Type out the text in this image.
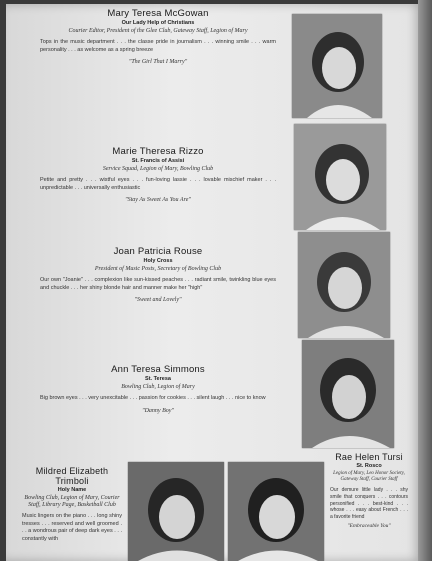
Mary Teresa McGowan
Our Lady Help of Christians
Courier Editor, President of the Glee Club, Gateway Staff, Legion of Mary
Tops in the music department . . . the classe pride in journalism . . . winning smile . . . warm personality . . . as welcome as a spring breeze
"The Girl That I Marry"
Marie Theresa Rizzo
St. Francis of Assisi
Service Squad, Legion of Mary, Bowling Club
Petite and pretty . . . wistful eyes . . . fun-loving lassie . . . lovable mischief maker . . . unpredictable . . . universally enthusiastic
"Stay As Sweet As You Are"
Joan Patricia Rouse
Holy Cross
President of Music Posts, Secretary of Bowling Club
Our own "Joanie" . . . complexion like sun-kissed peaches . . . radiant smile, twinkling blue eyes and chuckle . . . her shiny blonde hair and manner make her "high"
"Sweet and Lovely"
Ann Teresa Simmons
St. Teresa
Bowling Club, Legion of Mary
Big brown eyes . . . very unexcitable . . . passion for cookies . . . silent laugh . . . nice to know
"Danny Boy"
Mildred Elizabeth Trimboli
Holy Name
Bowling Club, Legion of Mary, Courier Staff, Library Page, Basketball Club
Music lingers on the piano . . . long shiny tresses . . . reserved and well groomed . . . a wondrous pair of deep dark eyes . . . constantly with
Rae Helen Tursi
St. Rosco
Legion of Mary, Leo Honor Society, Gateway Staff, Courier Staff
Our demure little lady . . . shy smile that conquers . . . contours personified . . . best-kind . . . whose . . . easy about French . . . a favorite friend
"Embraceable You"
